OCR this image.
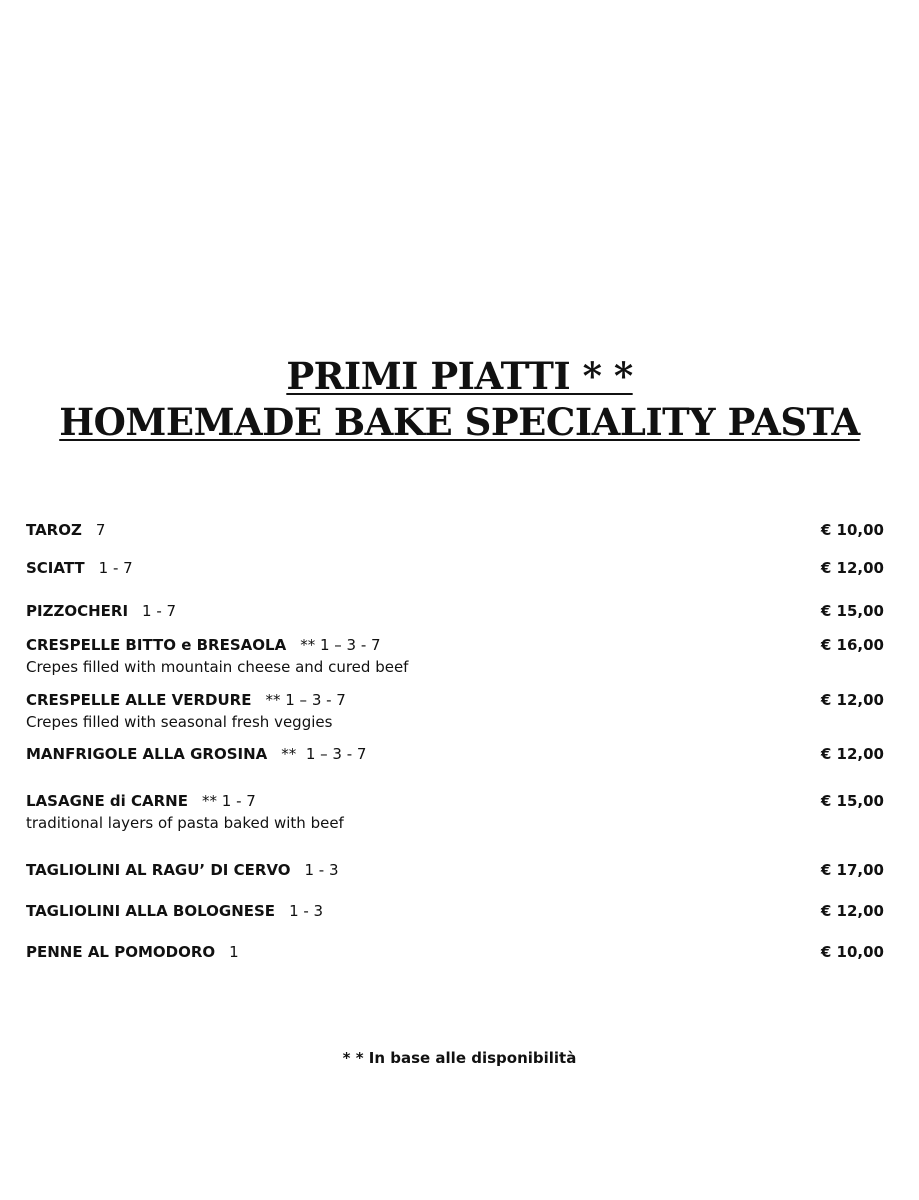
PRIMI PIATTI * *
HOMEMADE BAKE SPECIALITY PASTA
TAROZ 7	€ 10,00
SCIATT 1 - 7	€ 12,00
PIZZOCHERI 1 - 7	€ 15,00
CRESPELLE BITTO e BRESAOLA ** 1 – 3 - 7	€ 16,00
Crepes filled with mountain cheese and cured beef
CRESPELLE ALLE VERDURE ** 1 – 3 - 7	€ 12,00
Crepes filled with seasonal fresh veggies
MANFRIGOLE ALLA GROSINA **  1 – 3 - 7	€ 12,00
LASAGNE di CARNE ** 1 - 7	€ 15,00
traditional layers of pasta baked with beef
TAGLIOLINI AL RAGU’ DI CERVO 1 - 3	€ 17,00
TAGLIOLINI ALLA BOLOGNESE 1 - 3	€ 12,00
PENNE AL POMODORO 1	€ 10,00
* * In base alle disponibilità
